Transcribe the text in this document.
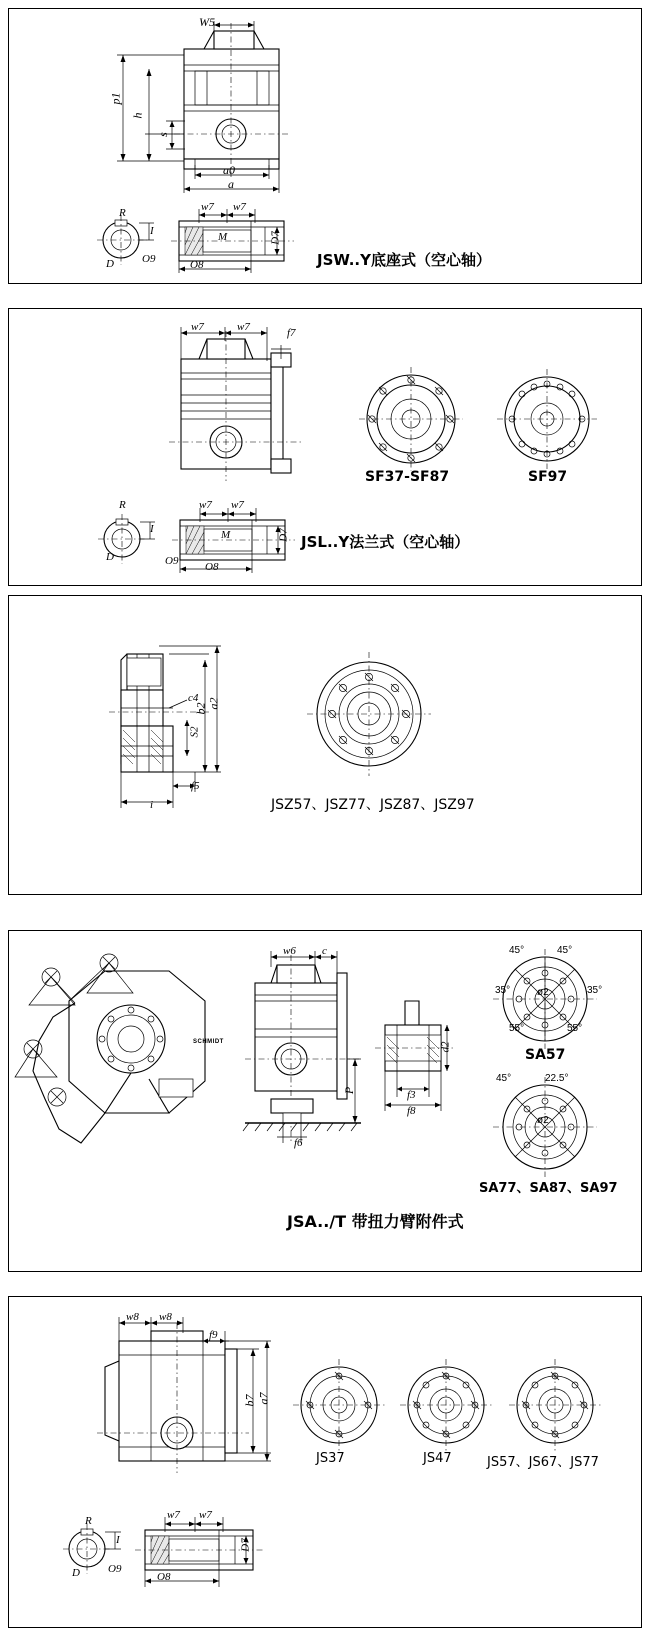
W5
p1
h
s
a0
a
R
D
w7 w7
O9
M
O8
D7
I
JSW..Y底座式（空心轴）
w7	w7	f7
R
D
w7 w7
O9 O8
D7
I	M
SF37-SF87	SF97
JSL..Y法兰式（空心轴）
b2 a2
c4
S2
f5
i	JSZ57、JSZ77、JSZ87、JSZ97
SCHMIDT
w6 c
P
d2
f3
f8
f6
45°	45°
35°	35°
55°	55°
ø2
45°	22.5°
ø2
SA57
SA77、SA87、SA97
JSA../T 带扭力臂附件式
w8 w8
f9
b7 a7
R
D
w7 w7
O9
O8
D7
I
JS37	JS47	JS57、JS67、JS77
